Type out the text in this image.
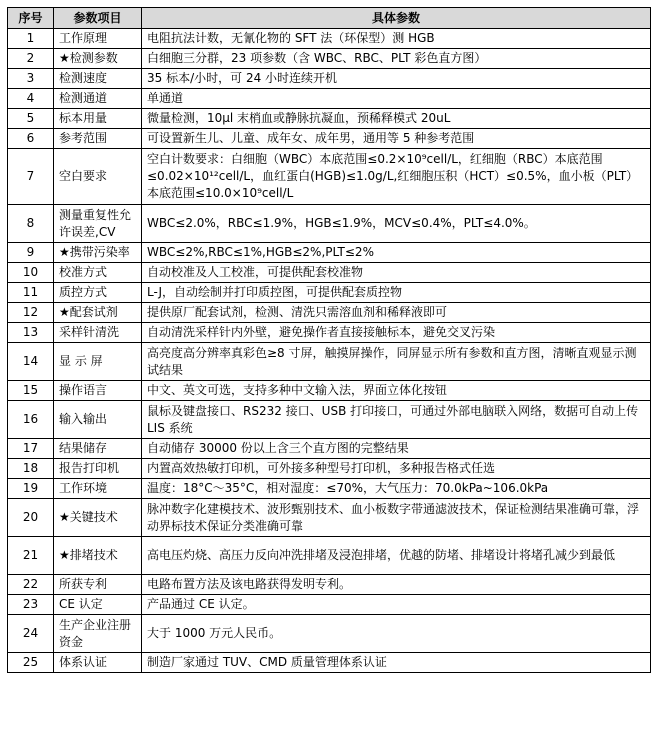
序号	参数项目	具体参数
1	工作原理	电阻抗法计数，无氰化物的 SFT 法（环保型）测 HGB
2	★检测参数	白细胞三分群，23 项参数（含 WBC、RBC、PLT 彩色直方图）
3	检测速度	35 标本/小时，可 24 小时连续开机
4	检测通道	单通道
5	标本用量	微量检测，10μl 末梢血或静脉抗凝血，预稀释模式 20uL
6	参考范围	可设置新生儿、儿童、成年女、成年男，通用等 5 种参考范围
7	空白要求	空白计数要求：白细胞（WBC）本底范围≤0.2×10⁹cell/L，红细胞（RBC）本底范围≤0.02×10¹²cell/L，血红蛋白(HGB)≤1.0g/L,红细胞压积（HCT）≤0.5%，血小板（PLT）本底范围≤10.0×10⁹cell/L
8	测量重复性允许误差,CV	WBC≤2.0%，RBC≤1.9%，HGB≤1.9%，MCV≤0.4%，PLT≤4.0%。
9	★携带污染率	WBC≤2%,RBC≤1%,HGB≤2%,PLT≤2%
10	校准方式	自动校准及人工校准，可提供配套校准物
11	质控方式	L-J，自动绘制并打印质控图，可提供配套质控物
12	★配套试剂	提供原厂配套试剂，检测、清洗只需溶血剂和稀释液即可
13	采样针清洗	自动清洗采样针内外壁，避免操作者直接接触标本，避免交叉污染
14	显 示 屏	高亮度高分辨率真彩色≥8 寸屏，触摸屏操作，同屏显示所有参数和直方图，清晰直观显示测试结果
15	操作语言	中文、英文可选，支持多种中文输入法，界面立体化按钮
16	输入输出	鼠标及键盘接口、RS232 接口、USB 打印接口，可通过外部电脑联入网络，数据可自动上传 LIS 系统
17	结果储存	自动储存 30000 份以上含三个直方图的完整结果
18	报告打印机	内置高效热敏打印机，可外接多种型号打印机，多种报告格式任选
19	工作环境	温度：18°C～35°C，相对湿度：≤70%，大气压力：70.0kPa~106.0kPa
20	★关键技术	脉冲数字化建模技术、波形甄别技术、血小板数字带通滤波技术，保证检测结果准确可靠，浮动界标技术保证分类准确可靠
21	★排堵技术	高电压灼烧、高压力反向冲洗排堵及浸泡排堵，优越的防堵、排堵设计将堵孔减少到最低
22	所获专利	电路布置方法及该电路获得发明专利。
23	CE 认定	产品通过 CE 认定。
24	生产企业注册资金	大于 1000 万元人民币。
25	体系认证	制造厂家通过 TUV、CMD 质量管理体系认证
